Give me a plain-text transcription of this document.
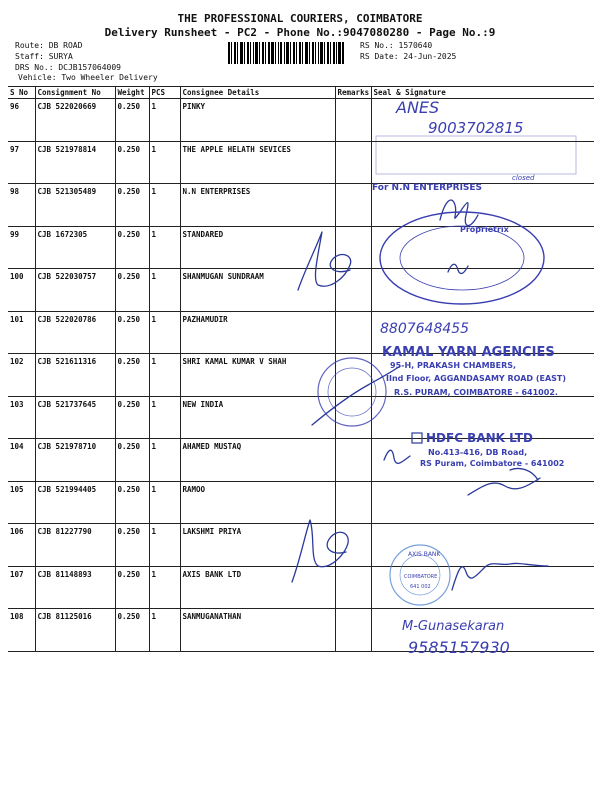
THE PROFESSIONAL COURIERS, COIMBATORE
Delivery Runsheet - PC2 - Phone No.:9047080280 - Page No.:9
Route: DB ROAD
Staff: SURYA
DRS No.: DCJB157064009
Vehicle: Two Wheeler Delivery
RS No.: 1570640
RS Date: 24-Jun-2025
S No	Consignment No	Weight	PCS	Consignee Details	Remarks	Seal & Signature
96	CJB 522020669	0.250	1	PINKY		
97	CJB 521978814	0.250	1	THE APPLE HELATH SEVICES		
98	CJB 521305489	0.250	1	N.N ENTERPRISES		
99	CJB 1672305	0.250	1	STANDARED		
100	CJB 522030757	0.250	1	SHANMUGAN SUNDRAAM		
101	CJB 522020786	0.250	1	PAZHAMUDIR		
102	CJB 521611316	0.250	1	SHRI KAMAL KUMAR V SHAH		
103	CJB 521737645	0.250	1	NEW INDIA		
104	CJB 521978710	0.250	1	AHAMED MUSTAQ		
105	CJB 521994405	0.250	1	RAMOO		
106	CJB 81227790	0.250	1	LAKSHMI PRIYA		
107	CJB 81148893	0.250	1	AXIS BANK LTD		
108	CJB 81125016	0.250	1	SANMUGANATHAN		
ANES
9003702815
closed
For N.N ENTERPRISES
Proprietrix
8807648455
KAMAL YARN AGENCIES
95-H, PRAKASH CHAMBERS,
IInd Floor, AGGANDASAMY ROAD (EAST)
R.S. PURAM, COIMBATORE - 641002.
HDFC BANK LTD
No.413-416, DB Road,
RS Puram, Coimbatore - 641002
AXIS BANK
COIMBATORE
641 002
M-Gunasekaran
9585157930
